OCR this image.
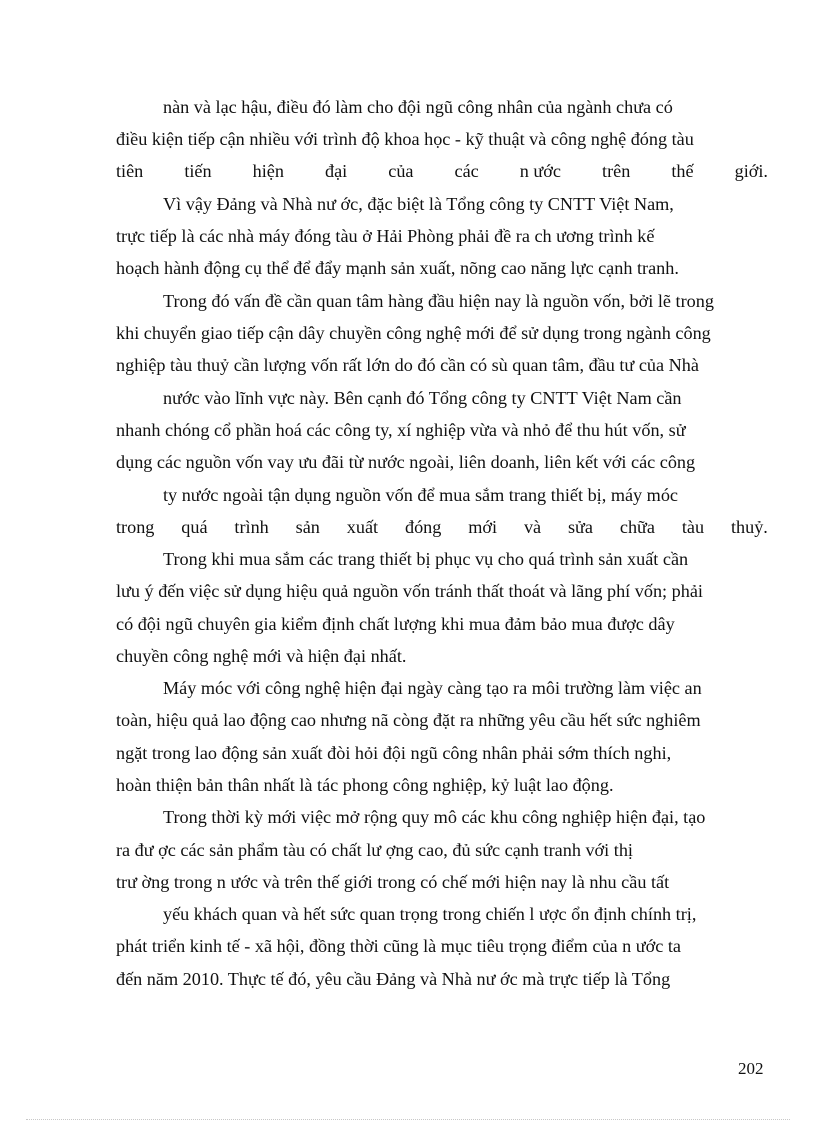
nàn và lạc hậu, điều đó làm cho đội ngũ công nhân của ngành chưa có
điều kiện tiếp cận nhiều với trình độ khoa học - kỹ thuật và công nghệ đóng tàu
tiên tiến hiện đại của các n ước trên thế giới.
Vì vậy Đảng và Nhà nư ớc, đặc biệt là Tổng công ty CNTT Việt Nam,
trực tiếp là các nhà máy đóng tàu ở Hải Phòng phải đề ra ch ương trình kế
hoạch hành động cụ thể để đẩy mạnh sản xuất, nõng cao năng lực cạnh tranh.
Trong đó vấn đề cần quan tâm hàng đầu hiện nay là nguồn vốn, bởi lẽ trong
khi chuyển giao tiếp cận dây chuyền công nghệ mới để sử dụng trong ngành công
nghiệp tàu thuỷ cần lượng vốn rất lớn do đó cần có sù quan tâm, đầu tư của Nhà
nước vào lĩnh vực này. Bên cạnh đó Tổng công ty CNTT Việt Nam cần
nhanh chóng cổ phần hoá các công ty, xí nghiệp vừa và nhỏ để thu hút vốn, sử
dụng các nguồn vốn vay ưu đãi từ nước ngoài, liên doanh, liên kết với các công
ty nước ngoài tận dụng nguồn vốn để mua sắm trang thiết bị, máy móc
trong quá trình sản xuất đóng mới và sửa chữa tàu thuỷ.
Trong khi mua sắm các trang thiết bị phục vụ cho quá trình sản xuất cần
lưu ý đến việc sử dụng hiệu quả nguồn vốn tránh thất thoát và lãng phí vốn; phải
có đội ngũ chuyên gia kiểm định chất lượng khi mua đảm bảo mua được dây
chuyền công nghệ mới và hiện đại nhất.
Máy móc với công nghệ hiện đại ngày càng tạo ra môi trường làm việc an
toàn, hiệu quả lao động cao nhưng nã còng đặt ra những yêu cầu hết sức nghiêm
ngặt trong lao động sản xuất đòi hỏi đội ngũ công nhân phải sớm thích nghi,
hoàn thiện bản thân nhất là tác phong công nghiệp, kỷ luật lao động.
Trong thời kỳ mới việc mở rộng quy mô các khu công nghiệp hiện đại, tạo
ra đư ợc các sản phẩm tàu có chất lư ợng cao, đủ sức cạnh tranh với thị
trư ờng trong n ước và trên thế giới trong có chế mới hiện nay là nhu cầu tất
yếu khách quan và hết sức quan trọng trong chiến l ược ổn định chính trị,
phát triển kinh tế - xã hội, đồng thời cũng là mục tiêu trọng điểm của n ước ta
đến năm 2010. Thực tế đó, yêu cầu Đảng và Nhà nư ớc mà trực tiếp là Tổng
202
